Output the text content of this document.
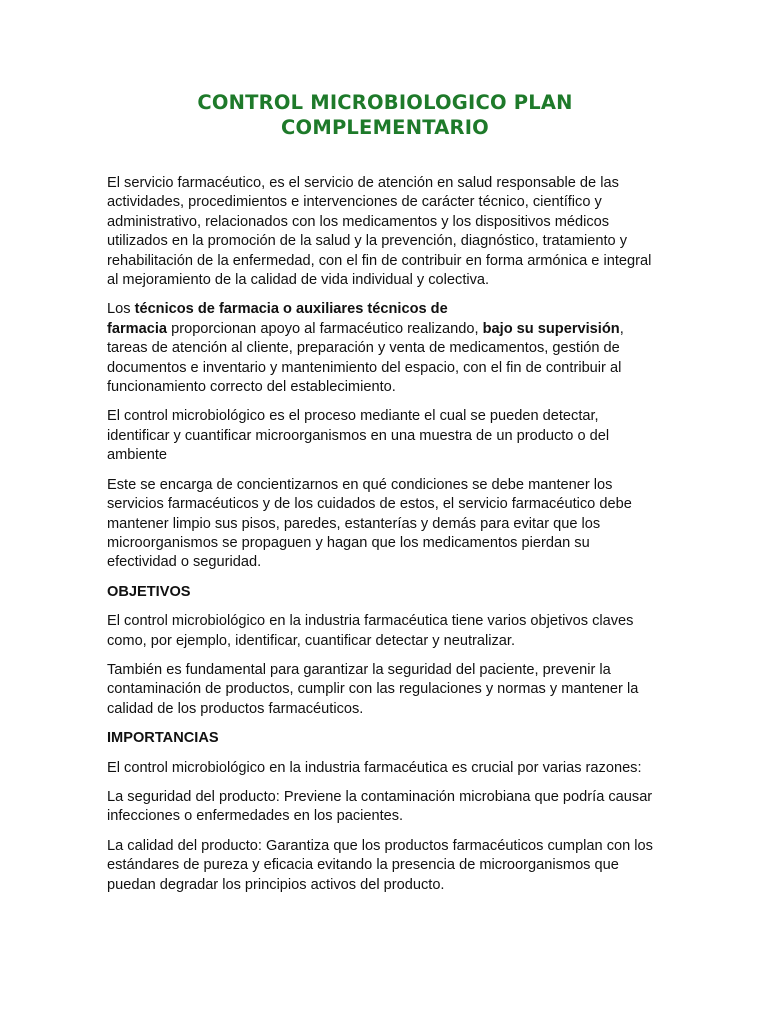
CONTROL MICROBIOLOGICO PLAN
COMPLEMENTARIO

El servicio farmacéutico, es el servicio de atención en salud responsable de las actividades, procedimientos e intervenciones de carácter técnico, científico y administrativo, relacionados con los medicamentos y los dispositivos médicos utilizados en la promoción de la salud y la prevención, diagnóstico, tratamiento y rehabilitación de la enfermedad, con el fin de contribuir en forma armónica e integral al mejoramiento de la calidad de vida individual y colectiva.

Los técnicos de farmacia o auxiliares técnicos de
farmacia proporcionan apoyo al farmacéutico realizando, bajo su supervisión, tareas de atención al cliente, preparación y venta de medicamentos, gestión de documentos e inventario y mantenimiento del espacio, con el fin de contribuir al funcionamiento correcto del establecimiento.

El control microbiológico es el proceso mediante el cual se pueden detectar, identificar y cuantificar microorganismos en una muestra de un producto o del ambiente

Este se encarga de concientizarnos en qué condiciones se debe mantener los servicios farmacéuticos y de los cuidados de estos, el servicio farmacéutico debe mantener limpio sus pisos, paredes, estanterías y demás para evitar que los microorganismos se propaguen y hagan que los medicamentos pierdan su efectividad o seguridad.

OBJETIVOS

El control microbiológico en la industria farmacéutica tiene varios objetivos claves como, por ejemplo, identificar, cuantificar detectar y neutralizar.

También es fundamental para garantizar la seguridad del paciente, prevenir la contaminación de productos, cumplir con las regulaciones y normas y mantener la calidad de los productos farmacéuticos.

IMPORTANCIAS

El control microbiológico en la industria farmacéutica es crucial por varias razones:

La seguridad del producto: Previene la contaminación microbiana que podría causar infecciones o enfermedades en los pacientes.

La calidad del producto: Garantiza que los productos farmacéuticos cumplan con los estándares de pureza y eficacia evitando la presencia de microorganismos que puedan degradar los principios activos del producto.
